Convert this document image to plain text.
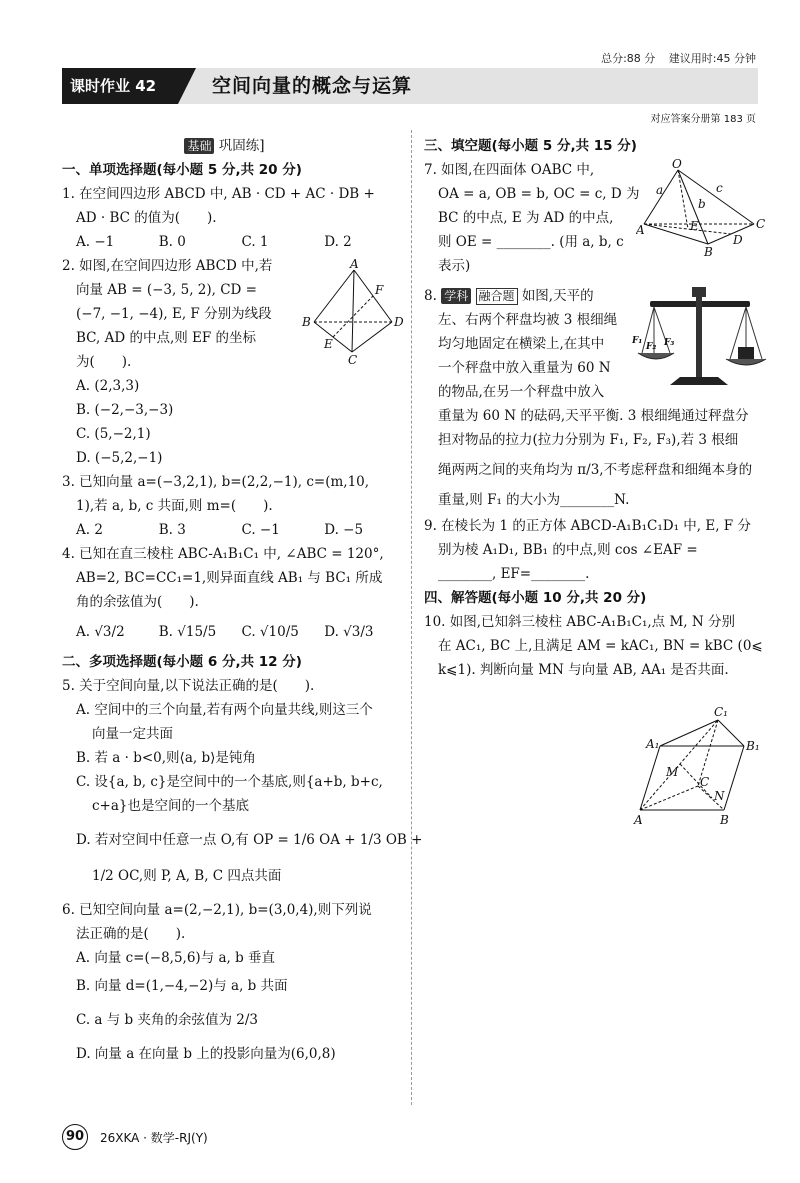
总分:88 分 建议用时:45 分钟
课时作业 42	空间向量的概念与运算
对应答案分册第 183 页

基础 巩固练]

一、单项选择题(每小题 5 分,共 20 分)

1. 在空间四边形 ABCD 中, AB · CD + AC · DB +

AD · BC 的值为(　　).

A. −1	B. 0	C. 1	D. 2

2. 如图,在空间四边形 ABCD 中,若

向量 AB = (−3, 5, 2), CD =

(−7, −1, −4), E, F 分别为线段

BC, AD 的中点,则 EF 的坐标

为(　　).

A. (2,3,3)

B. (−2,−3,−3)

C. (5,−2,1)

D. (−5,2,−1)

3. 已知向量 a=(−3,2,1), b=(2,2,−1), c=(m,10,

1),若 a, b, c 共面,则 m=(　　).

A. 2	B. 3	C. −1	D. −5

4. 已知在直三棱柱 ABC-A₁B₁C₁ 中, ∠ABC = 120°,

AB=2, BC=CC₁=1,则异面直线 AB₁ 与 BC₁ 所成

角的余弦值为(　　).

A. √3/2	B. √15/5	C. √10/5	D. √3/3

二、多项选择题(每小题 6 分,共 12 分)

5. 关于空间向量,以下说法正确的是(　　).

A. 空间中的三个向量,若有两个向量共线,则这三个

向量一定共面

B. 若 a · b<0,则⟨a, b⟩是钝角

C. 设{a, b, c}是空间中的一个基底,则{a+b, b+c,

c+a}也是空间的一个基底

D. 若对空间中任意一点 O,有 OP = 1/6 OA + 1/3 OB +

1/2 OC,则 P, A, B, C 四点共面

6. 已知空间向量 a=(2,−2,1), b=(3,0,4),则下列说

法正确的是(　　).

A. 向量 c=(−8,5,6)与 a, b 垂直

B. 向量 d=(1,−4,−2)与 a, b 共面

C. a 与 b 夹角的余弦值为 2/3

D. 向量 a 在向量 b 上的投影向量为(6,0,8)

A
F
B	D
E
C

三、填空题(每小题 5 分,共 15 分)

7. 如图,在四面体 OABC 中,

OA = a, OB = b, OC = c, D 为

BC 的中点, E 为 AD 的中点,

则 OE = ________. (用 a, b, c

表示)

8. 学科 融合题 如图,天平的

左、右两个秤盘均被 3 根细绳

均匀地固定在横梁上,在其中

一个秤盘中放入重量为 60 N

的物品,在另一个秤盘中放入

重量为 60 N 的砝码,天平平衡. 3 根细绳通过秤盘分

担对物品的拉力(拉力分别为 F₁, F₂, F₃),若 3 根细

绳两两之间的夹角均为 π/3,不考虑秤盘和细绳本身的

重量,则 F₁ 的大小为________N.

9. 在棱长为 1 的正方体 ABCD-A₁B₁C₁D₁ 中, E, F 分

别为棱 A₁D₁, BB₁ 的中点,则 cos ∠EAF =

________, EF=________.

四、解答题(每小题 10 分,共 20 分)

10. 如图,已知斜三棱柱 ABC-A₁B₁C₁,点 M, N 分别

在 AC₁, BC 上,且满足 AM = kAC₁, BN = kBC (0⩽

k⩽1). 判断向量 MN 与向量 AB, AA₁ 是否共面.

O
a	c
b
E
A	C
D
B
F₁
F₂ F₃
C₁
A₁	B₁
M
C
N
A	B
90	26XKA · 数学-RJ(Y)
